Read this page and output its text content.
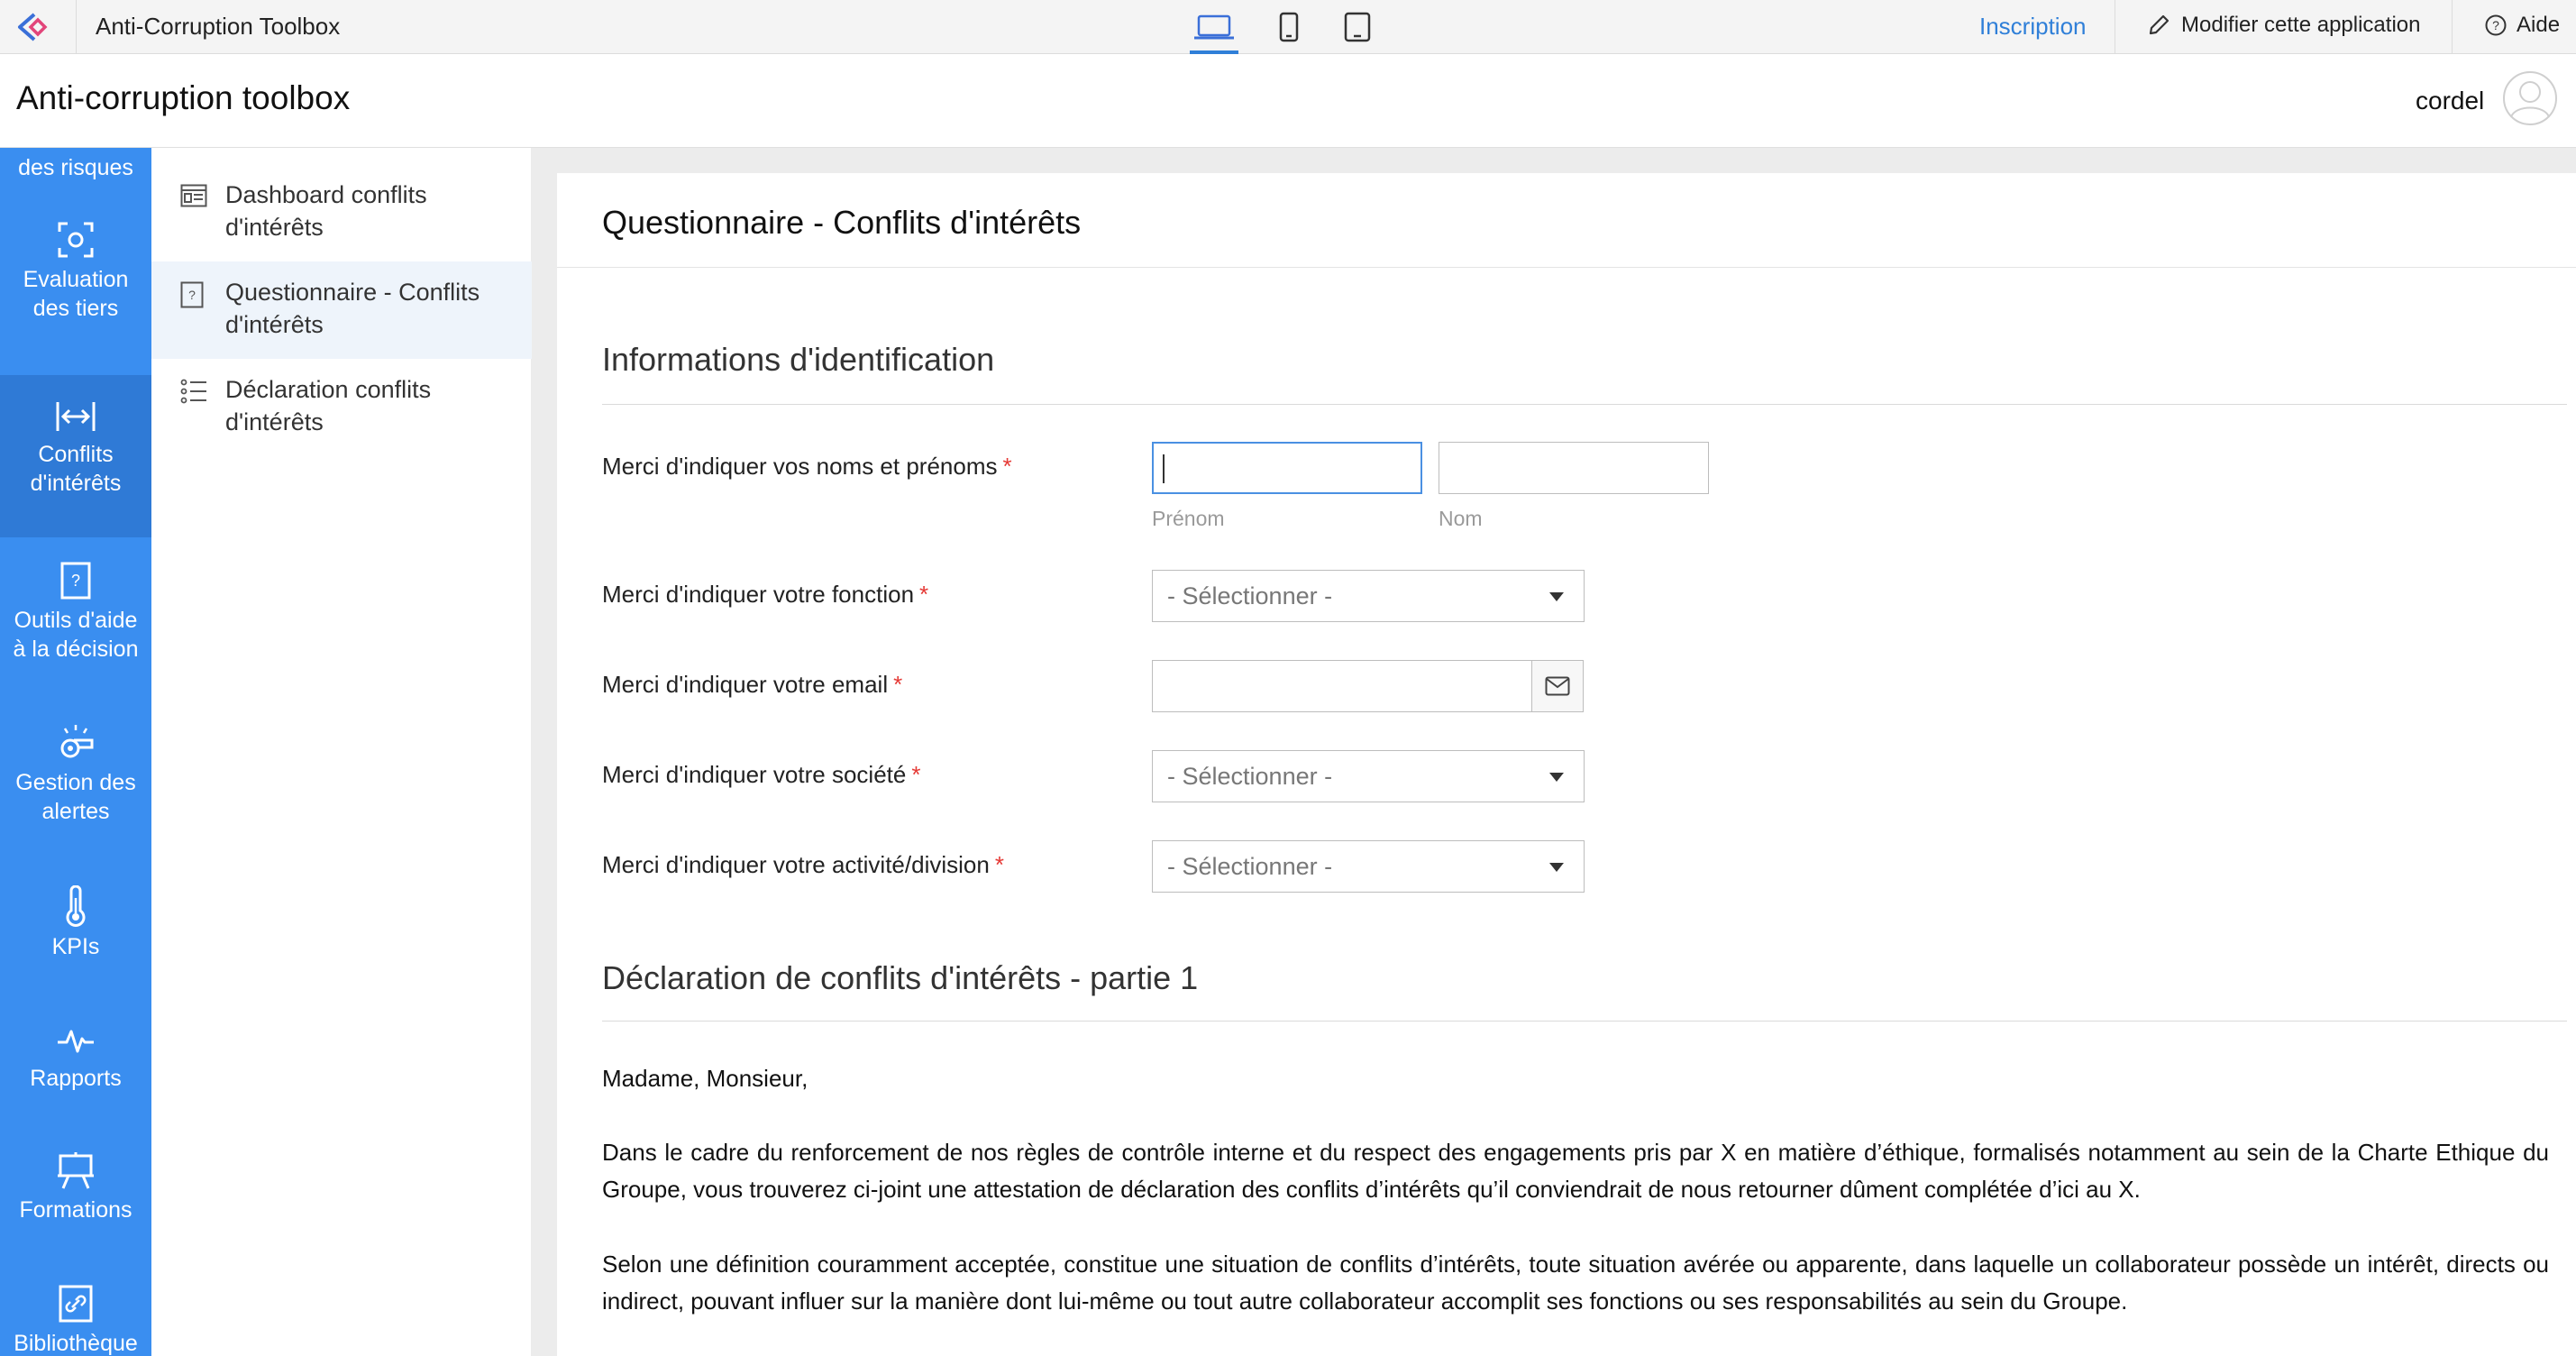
Anti-Corruption Toolbox	Inscription	Modifier cette application	? Aide
Anti-corruption toolbox	cordel
des risques
Evaluation
des tiers
Conflits
d'intérêts
?
Outils d'aide
à la décision
Gestion des
alertes
KPIs
Rapports
Formations
Bibliothèque
Dashboard conflits
d'intérêts
? Questionnaire - Conflits
d'intérêts
Déclaration conflits
d'intérêts
Questionnaire - Conflits d'intérêts
Informations d'identification
Merci d'indiquer vos noms et prénoms *
Prénom	Nom
Merci d'indiquer votre fonction *	- Sélectionner -
Merci d'indiquer votre email *
Merci d'indiquer votre société *	- Sélectionner -
Merci d'indiquer votre activité/division *	- Sélectionner -
Déclaration de conflits d'intérêts - partie 1
Madame, Monsieur,
Dans le cadre du renforcement de nos règles de contrôle interne et du respect des engagements pris par X en matière d’éthique, formalisés notamment au sein de la Charte Ethique du Groupe, vous trouverez ci-joint une attestation de déclaration des conflits d’intérêts qu’il conviendrait de nous retourner dûment complétée d’ici au X.
Selon une définition couramment acceptée, constitue une situation de conflits d’intérêts, toute situation avérée ou apparente, dans laquelle un collaborateur possède un intérêt, directs ou indirect, pouvant influer sur la manière dont lui-même ou tout autre collaborateur accomplit ses fonctions ou ses responsabilités au sein du Groupe.
